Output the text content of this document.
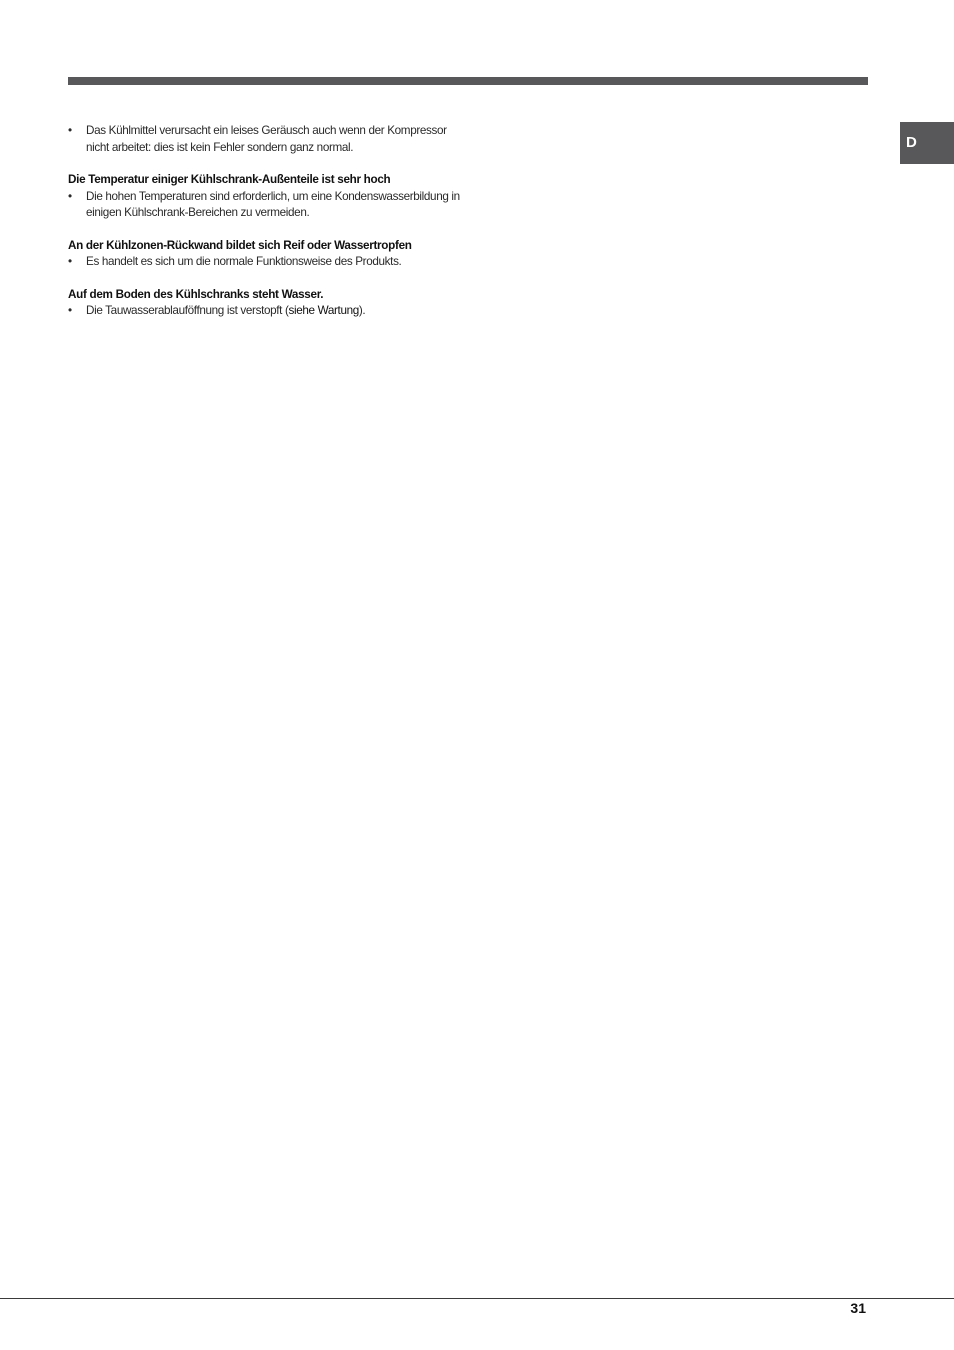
D
• Das Kühlmittel verursacht ein leises Geräusch auch wenn der Kompressor nicht arbeitet: dies ist kein Fehler sondern ganz normal.

Die Temperatur einiger Kühlschrank-Außenteile ist sehr hoch

• Die hohen Temperaturen sind erforderlich, um eine Kondenswasserbildung in einigen Kühlschrank-Bereichen zu vermeiden.

An der Kühlzonen-Rückwand bildet sich Reif oder Wassertropfen

• Es handelt es sich um die normale Funktionsweise des Produkts.

Auf dem Boden des Kühlschranks steht Wasser.

• Die Tauwasserablauföffnung ist verstopft (siehe Wartung).
31
